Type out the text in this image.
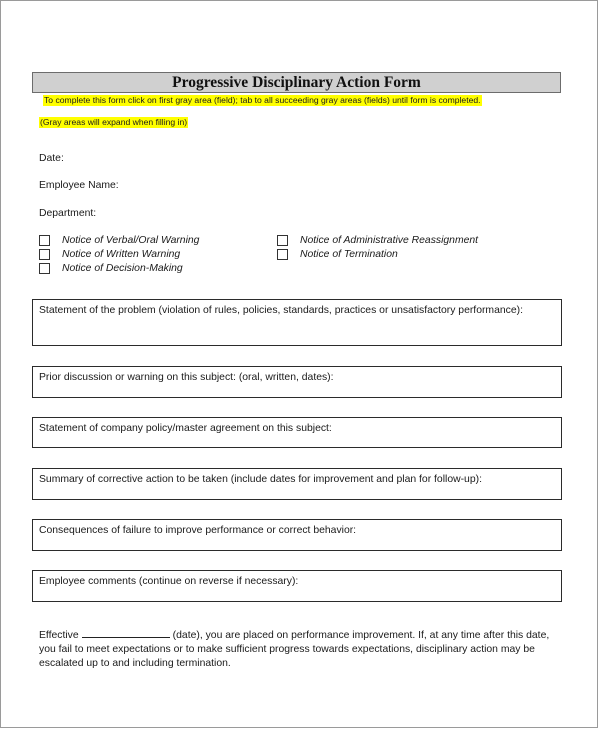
Progressive Disciplinary Action Form
To complete this form click on first gray area (field); tab to all succeeding gray areas (fields) until form is completed.
(Gray areas will expand when filling in)
Date:
Employee Name:
Department:
Notice of Verbal/Oral Warning
Notice of Written Warning
Notice of Decision-Making
Notice of Administrative Reassignment
Notice of Termination
Statement of the problem (violation of rules, policies, standards, practices or unsatisfactory performance):
Prior discussion or warning on this subject: (oral, written, dates):
Statement of company policy/master agreement on this subject:
Summary of corrective action to be taken (include dates for improvement and plan for follow-up):
Consequences of failure to improve performance or correct behavior:
Employee comments (continue on reverse if necessary):
Effective	(date), you are placed on performance improvement. If, at any time after this date, you fail to meet expectations or to make sufficient progress towards expectations, disciplinary action may be escalated up to and including termination.
